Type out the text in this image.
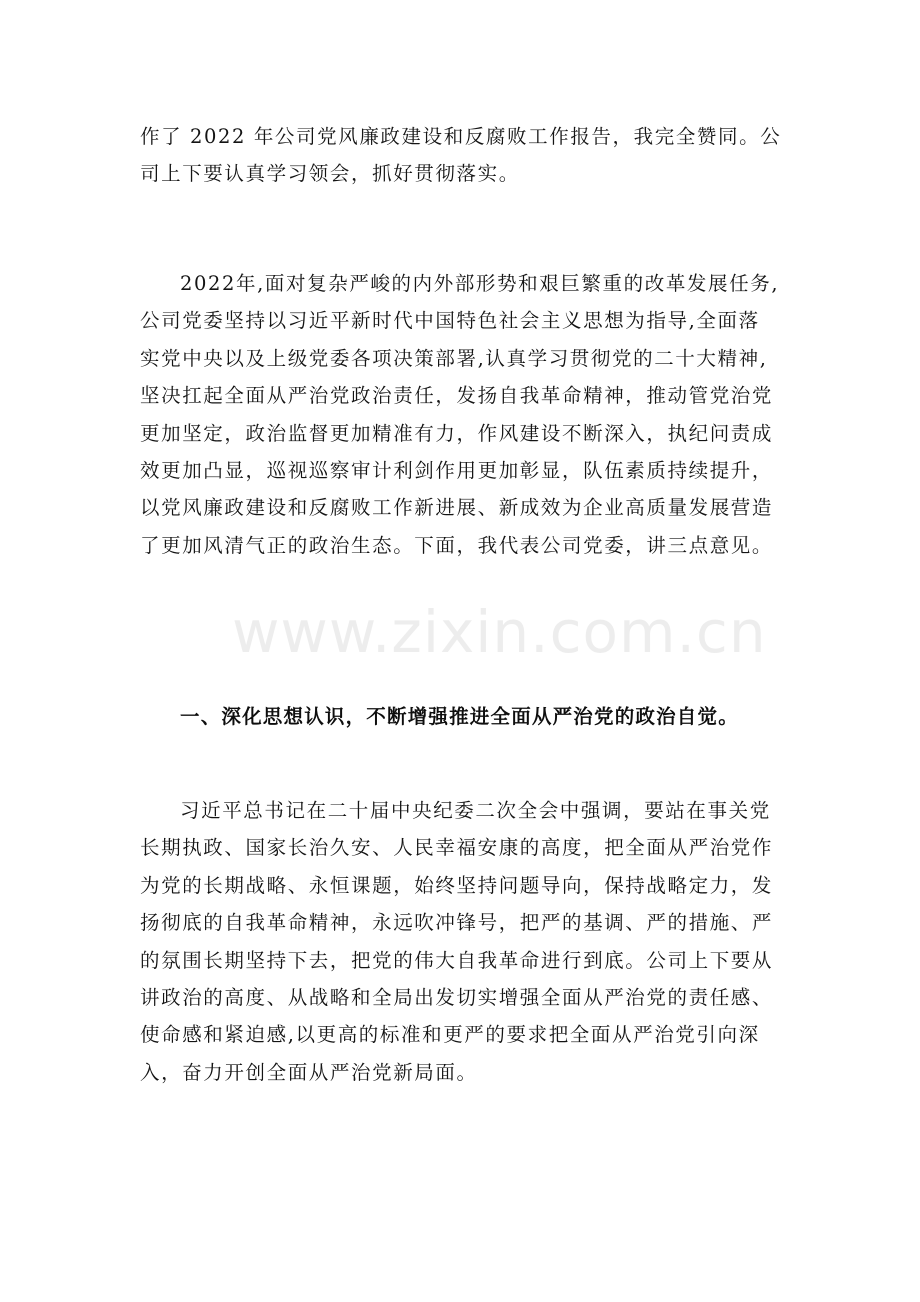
www.zixin.com.cn
作了 2022 年公司党风廉政建设和反腐败工作报告，我完全赞同。公
司上下要认真学习领会，抓好贯彻落实。
2022年,面对复杂严峻的内外部形势和艰巨繁重的改革发展任务,
公司党委坚持以习近平新时代中国特色社会主义思想为指导,全面落
实党中央以及上级党委各项决策部署,认真学习贯彻党的二十大精神,
坚决扛起全面从严治党政治责任，发扬自我革命精神，推动管党治党
更加坚定，政治监督更加精准有力，作风建设不断深入，执纪问责成
效更加凸显，巡视巡察审计利剑作用更加彰显，队伍素质持续提升，
以党风廉政建设和反腐败工作新进展、新成效为企业高质量发展营造
了更加风清气正的政治生态。下面，我代表公司党委，讲三点意见。
一、深化思想认识，不断增强推进全面从严治党的政治自觉。
习近平总书记在二十届中央纪委二次全会中强调，要站在事关党
长期执政、国家长治久安、人民幸福安康的高度，把全面从严治党作
为党的长期战略、永恒课题，始终坚持问题导向，保持战略定力，发
扬彻底的自我革命精神，永远吹冲锋号，把严的基调、严的措施、严
的氛围长期坚持下去，把党的伟大自我革命进行到底。公司上下要从
讲政治的高度、从战略和全局出发切实增强全面从严治党的责任感、
使命感和紧迫感,以更高的标准和更严的要求把全面从严治党引向深
入，奋力开创全面从严治党新局面。
